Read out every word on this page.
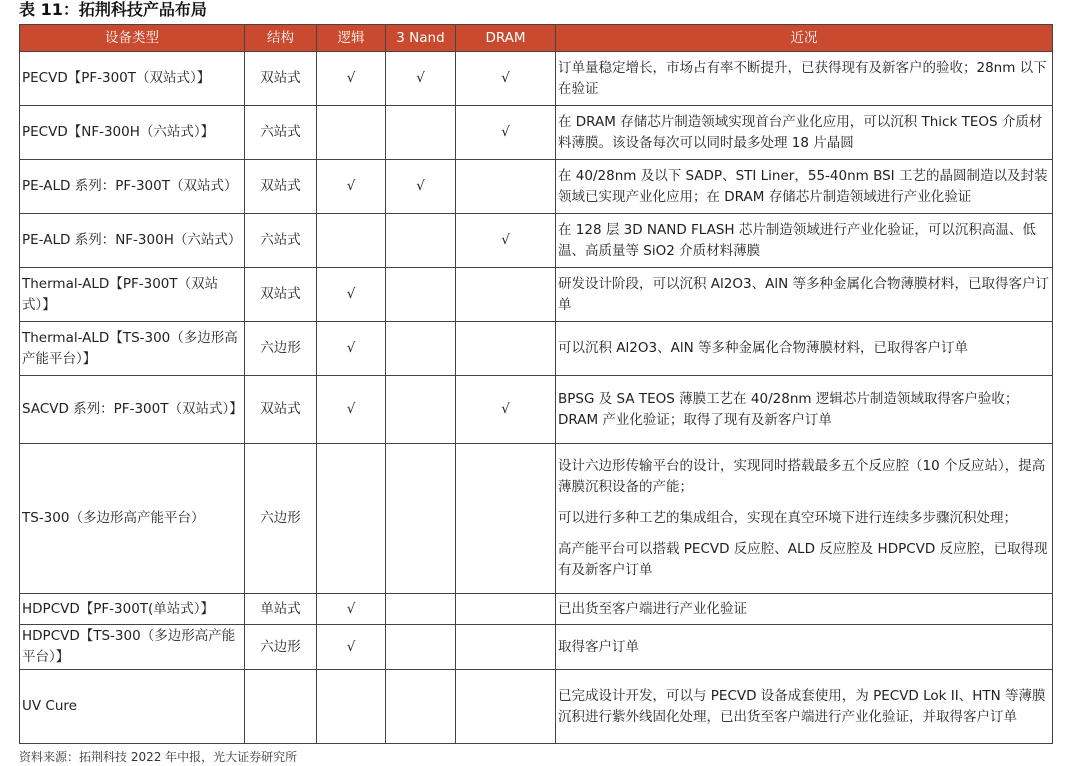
表 11：拓荆科技产品布局
设备类型	结构	逻辑	3 Nand	DRAM	近况
PECVD【PF-300T（双站式）】	双站式	√	√	√	订单量稳定增长，市场占有率不断提升，已获得现有及新客户的验收；28nm 以下在验证

PECVD【NF-300H（六站式）】	六站式			√	在 DRAM 存储芯片制造领域实现首台产业化应用，可以沉积 Thick TEOS 介质材料薄膜。该设备每次可以同时最多处理 18 片晶圆

PE-ALD 系列：PF-300T（双站式）	双站式	√	√		在 40/28nm 及以下 SADP、STI Liner，55-40nm BSI 工艺的晶圆制造以及封装领域已实现产业化应用；在 DRAM 存储芯片制造领域进行产业化验证

PE-ALD 系列：NF-300H（六站式）	六站式			√	在 128 层 3D NAND FLASH 芯片制造领域进行产业化验证，可以沉积高温、低温、高质量等 SiO2 介质材料薄膜

Thermal-ALD【PF-300T（双站式）】	双站式	√			研发设计阶段，可以沉积 Al2O3、AlN 等多种金属化合物薄膜材料，已取得客户订单

Thermal-ALD【TS-300（多边形高产能平台）】	六边形	√			可以沉积 Al2O3、AlN 等多种金属化合物薄膜材料，已取得客户订单

SACVD 系列：PF-300T（双站式）】	双站式	√		√	BPSG 及 SA TEOS 薄膜工艺在 40/28nm 逻辑芯片制造领域取得客户验收；DRAM 产业化验证；取得了现有及新客户订单

TS-300（多边形高产能平台）	六边形				设计六边形传输平台的设计，实现同时搭载最多五个反应腔（10 个反应站），提高薄膜沉积设备的产能；
可以进行多种工艺的集成组合，实现在真空环境下进行连续多步骤沉积处理；
高产能平台可以搭载 PECVD 反应腔、ALD 反应腔及 HDPCVD 反应腔，已取得现有及新客户订单

HDPCVD【PF-300T(单站式）】	单站式	√			已出货至客户端进行产业化验证

HDPCVD【TS-300（多边形高产能平台）】	六边形	√			取得客户订单

UV Cure					已完成设计开发，可以与 PECVD 设备成套使用，为 PECVD Lok II、HTN 等薄膜沉积进行紫外线固化处理，已出货至客户端进行产业化验证，并取得客户订单
资料来源：拓荆科技 2022 年中报，光大证券研究所
